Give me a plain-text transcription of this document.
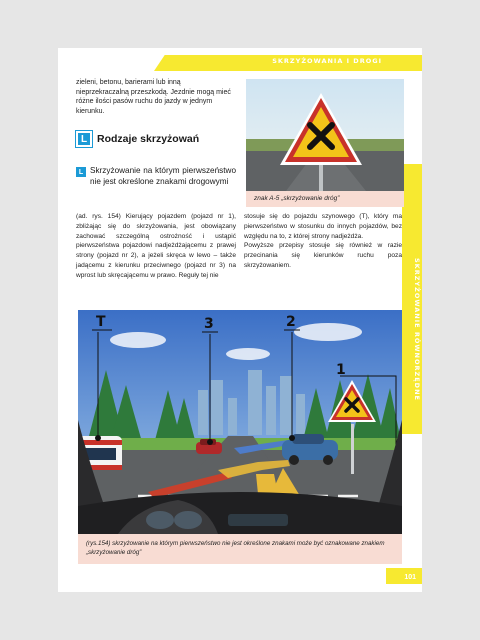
SKRZYŻOWANIA I DROGI
SKRZYŻOWANIE RÓWNORZĘDNE

zieleni, betonu, barierami lub inną nieprzekraczalną przeszkodą. Jezdnie mogą mieć różne ilości pasów ruchu do jazdy w jednym kierunku.

L Rodzaje skrzyżowań
L Skrzyżowanie na którym pierwszeństwo nie jest określone znakami drogowymi
znak A-5 „skrzyżowanie dróg”

(ad. rys. 154) Kierujący pojazdem (pojazd nr 1), zbliżając się do skrzyżowania, jest obowiązany zachować szczególną ostrożność i ustąpić pierwszeństwa pojazdowi nadjeżdżającemu z prawej strony (pojazd nr 2), a jeżeli skręca w lewo – także jadącemu z kierunku przeciwnego (pojazd nr 3) na wprost lub skręcającemu w prawo. Reguły tej nie

stosuje się do pojazdu szynowego (T), który ma pierwszeństwo w stosunku do innych pojazdów, bez względu na to, z której strony nadjeżdża.

Powyższe przepisy stosuje się również w razie przecinania się kierunków ruchu poza skrzyżowaniem.

T	3	2
1
(rys.154) skrzyżowanie na którym pierwszeństwo nie jest określone znakami może być oznakowane znakiem „skrzyżowanie dróg”
101
